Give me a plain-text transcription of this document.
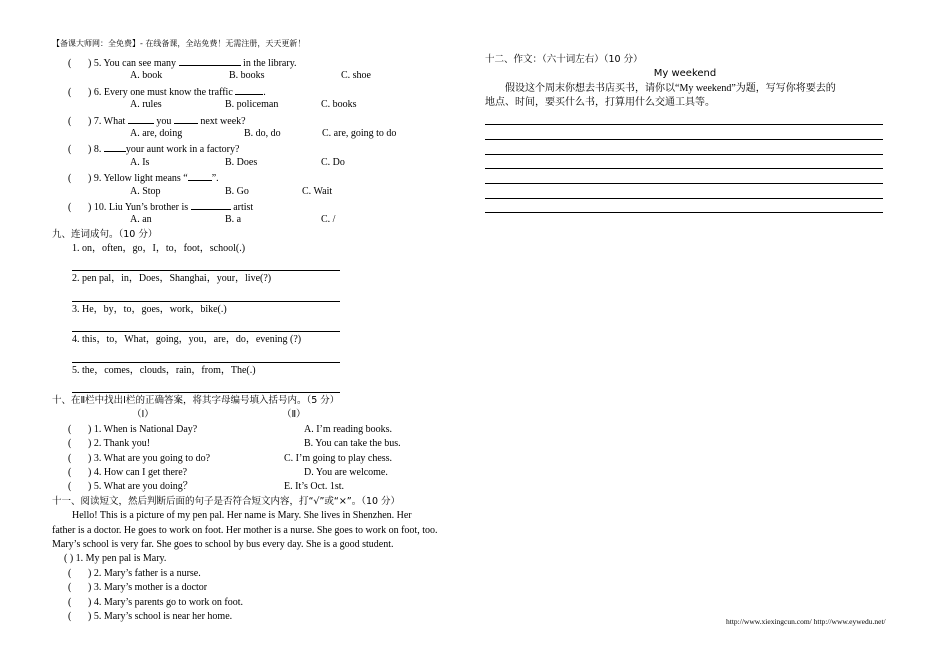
【备课大师网：全免费】- 在线备课，全站免费！无需注册，天天更新！
( ) 5. You can see many	in the library.
A. book	B. books	C. shoe
( ) 6. Every one must know the traffic	.
A. rules	B. policeman	C. books
( ) 7. What	you  next week?
A. are, doing	B. do, do	C. are, going to do
( ) 8. your aunt work in a factory?
A. Is	B. Does	C. Do
( ) 9. Yellow light means “ ”.
A. Stop	B. Go	C. Wait
( ) 10. Liu Yun’s brother is	artist
A. an	B. a	C. /
九、连词成句。（10 分）
1. on，often，go，I，to，foot，school(.)
2. pen pal，in，Does，Shanghai，your，live(?)
3. He，by，to，goes，work，bike(.)
4. this，to，What，going，you，are，do，evening (?)
5. the，comes，clouds，rain，from，The(.)
十、在Ⅱ栏中找出Ⅰ栏的正确答案，将其字母编号填入括号内。（5 分）
（Ⅰ）	（Ⅱ）
( ) 1. When is National Day?	A. I’m reading books.
( ) 2. Thank you!	B. You can take the bus.
( ) 3. What are you going to do?	C. I’m going to play chess.
( ) 4. How can I get there?	D. You are welcome.
( ) 5. What are you doing？	E. It’s Oct. 1st.
十一、阅读短文，然后判断后面的句子是否符合短文内容，打“√”或“×”。（10 分）
Hello! This is a picture of my pen pal. Her name is Mary. She lives in Shenzhen. Her
father is a doctor. He goes to work on foot. Her mother is a nurse. She goes to work on foot, too.
Mary’s school is very far. She goes to school by bus every day. She is a good student.
( ) 1. My pen pal is Mary.
( ) 2. Mary’s father is a nurse.
( ) 3. Mary’s mother is a doctor
( ) 4. Mary’s parents go to work on foot.
( ) 5. Mary’s school is near her home.
十二、作文：（六十词左右）（10 分）
My weekend
假设这个周末你想去书店买书，请你以“My weekend”为题，写写你将要去的
地点、时间，要买什么书，打算用什么交通工具等。
http://www.xiexingcun.com/ http://www.eywedu.net/
